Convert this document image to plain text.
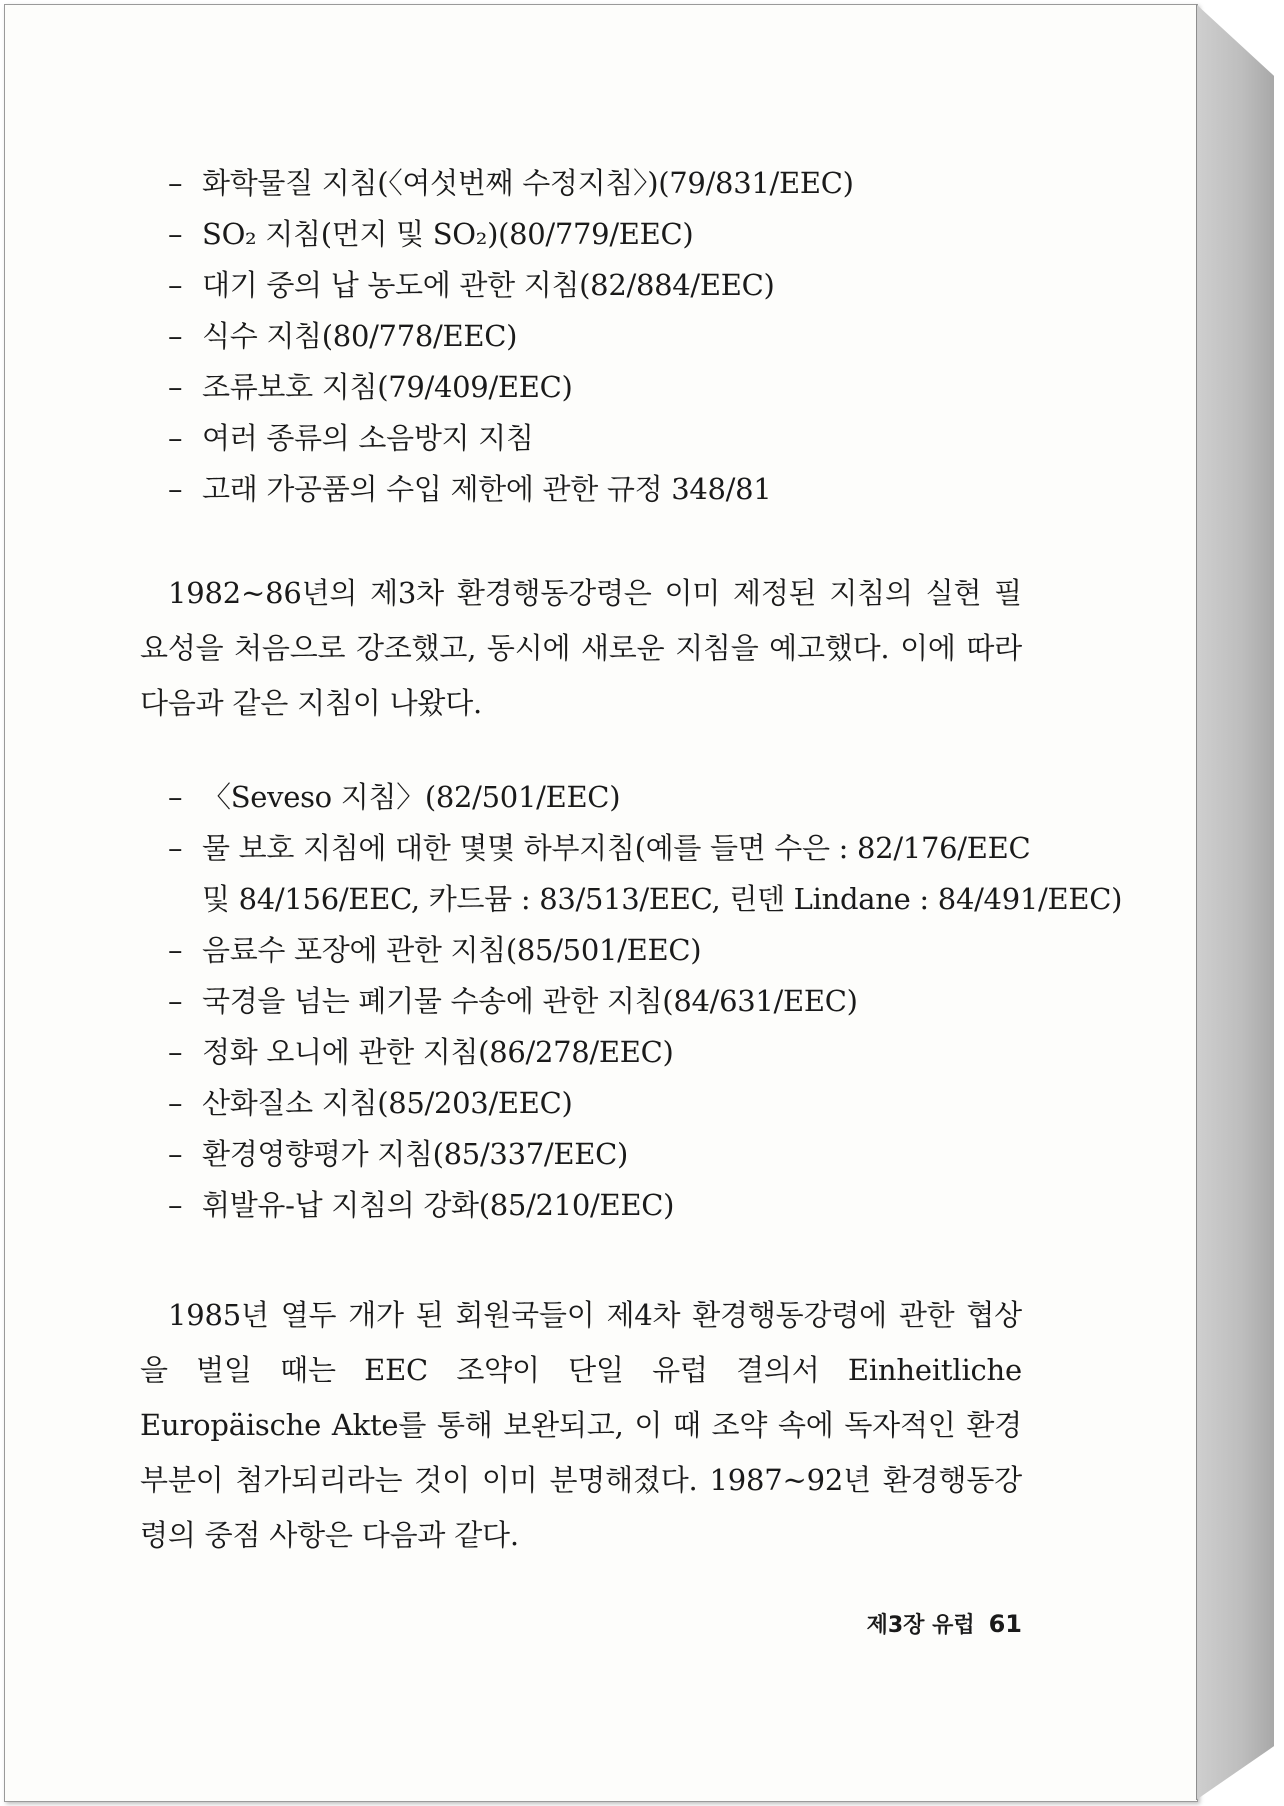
– 화학물질 지침(〈여섯번째 수정지침〉)(79/831/EEC)
– SO₂ 지침(먼지 및 SO₂)(80/779/EEC)
– 대기 중의 납 농도에 관한 지침(82/884/EEC)
– 식수 지침(80/778/EEC)
– 조류보호 지침(79/409/EEC)
– 여러 종류의 소음방지 지침
– 고래 가공품의 수입 제한에 관한 규정 348/81

1982~86년의 제3차 환경행동강령은 이미 제정된 지침의 실현 필요성을 처음으로 강조했고, 동시에 새로운 지침을 예고했다. 이에 따라 다음과 같은 지침이 나왔다.

– 〈Seveso 지침〉(82/501/EEC)
– 물 보호 지침에 대한 몇몇 하부지침(예를 들면 수은 : 82/176/EEC
및 84/156/EEC, 카드뮴 : 83/513/EEC, 린덴 Lindane : 84/491/EEC)
– 음료수 포장에 관한 지침(85/501/EEC)
– 국경을 넘는 폐기물 수송에 관한 지침(84/631/EEC)
– 정화 오니에 관한 지침(86/278/EEC)
– 산화질소 지침(85/203/EEC)
– 환경영향평가 지침(85/337/EEC)
– 휘발유-납 지침의 강화(85/210/EEC)

1985년 열두 개가 된 회원국들이 제4차 환경행동강령에 관한 협상을 벌일 때는 EEC 조약이 단일 유럽 결의서 Einheitliche Europäische Akte를 통해 보완되고, 이 때 조약 속에 독자적인 환경 부분이 첨가되리라는 것이 이미 분명해졌다. 1987~92년 환경행동강령의 중점 사항은 다음과 같다.

제3장 유럽 61
